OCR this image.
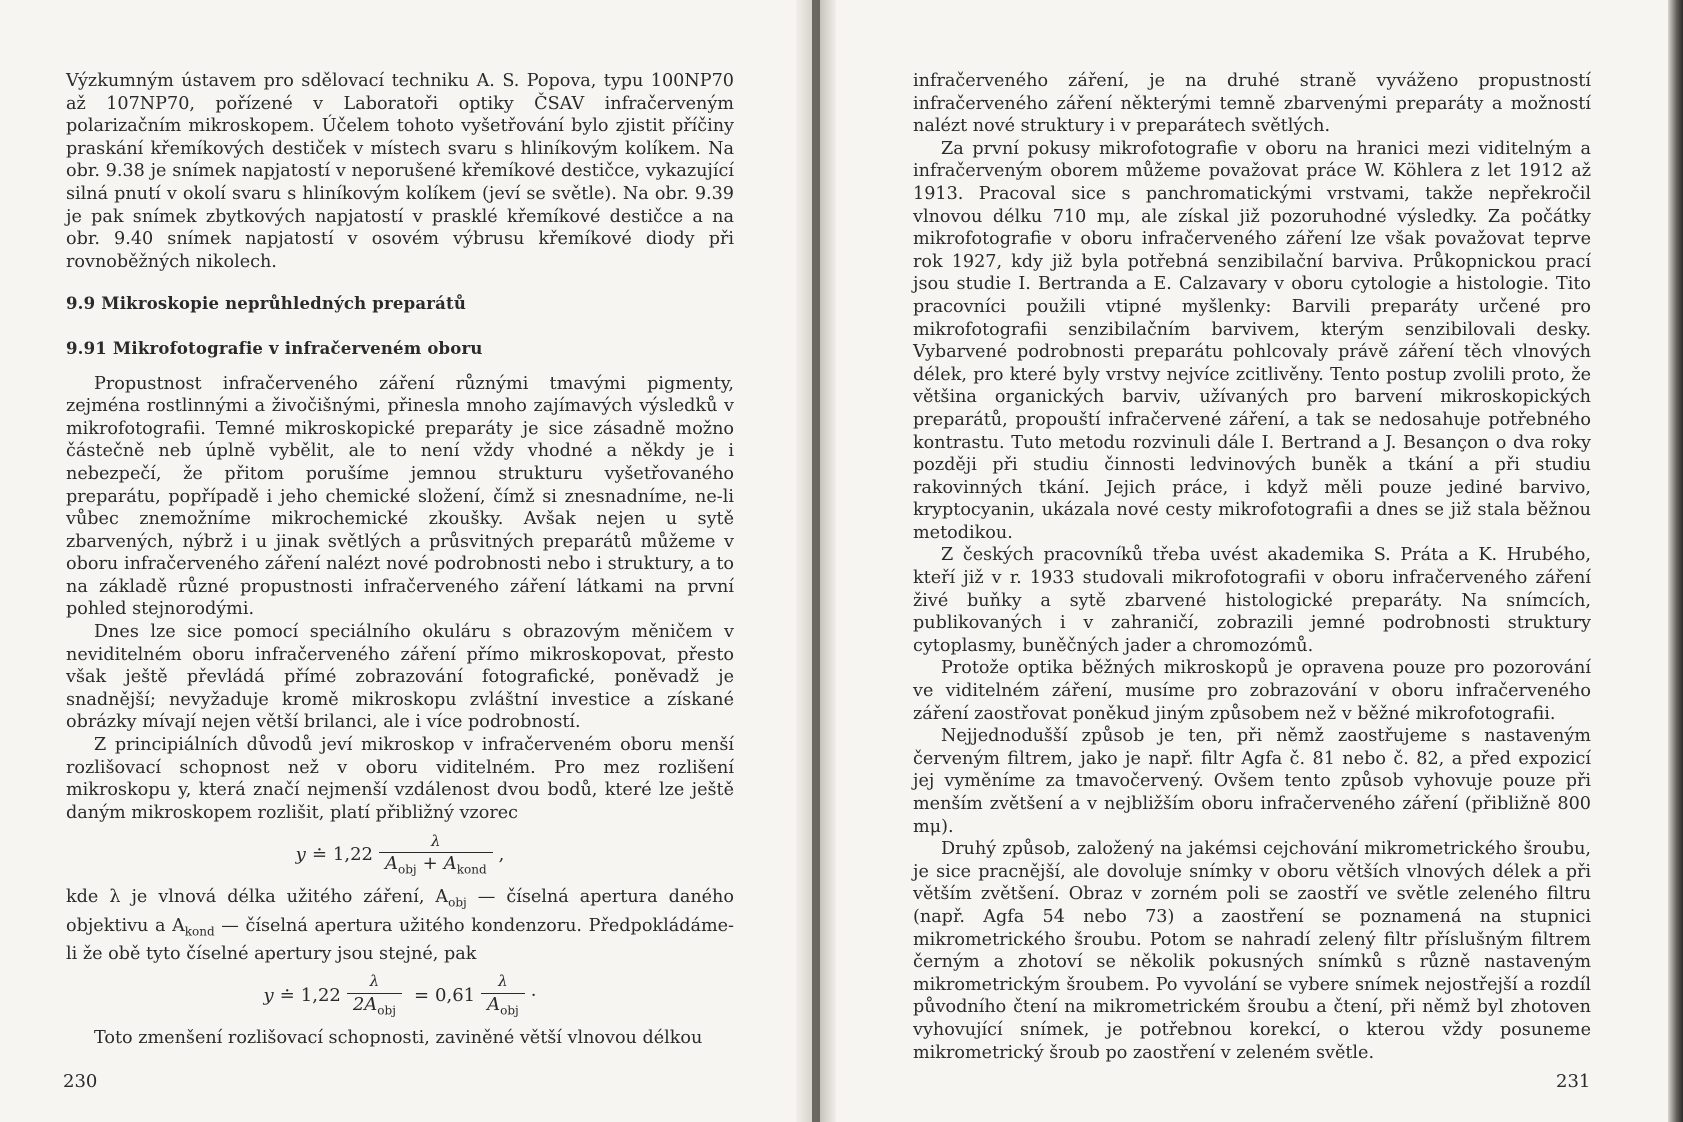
Výzkumným ústavem pro sdělovací techniku A. S. Popova, typu 100NP70 až 107NP70, pořízené v Laboratoři optiky ČSAV infračerveným polarizačním mikroskopem. Účelem tohoto vyšetřování bylo zjistit příčiny praskání křemíkových destiček v místech svaru s hliníkovým kolíkem. Na obr. 9.38 je snímek napjatostí v neporušené křemíkové destičce, vykazující silná pnutí v okolí svaru s hliníkovým kolíkem (jeví se světle). Na obr. 9.39 je pak snímek zbytkových napjatostí v prasklé křemíkové destičce a na obr. 9.40 snímek napjatostí v osovém výbrusu křemíkové diody při rovnoběžných nikolech.

9.9 Mikroskopie neprůhledných preparátů
9.91 Mikrofotografie v infračerveném oboru

Propustnost infračerveného záření různými tmavými pigmenty, zejména rostlinnými a živočišnými, přinesla mnoho zajímavých výsledků v mikrofotografii. Temné mikroskopické preparáty je sice zásadně možno částečně neb úplně vybělit, ale to není vždy vhodné a někdy je i nebezpečí, že přitom porušíme jemnou strukturu vyšetřovaného preparátu, popřípadě i jeho chemické složení, čímž si znesnadníme, ne-li vůbec znemožníme mikrochemické zkoušky. Avšak nejen u sytě zbarvených, nýbrž i u jinak světlých a průsvitných preparátů můžeme v oboru infračerveného záření nalézt nové podrobnosti nebo i struktury, a to na základě různé propustnosti infračerveného záření látkami na první pohled stejnorodými.

Dnes lze sice pomocí speciálního okuláru s obrazovým měničem v neviditelném oboru infračerveného záření přímo mikroskopovat, přesto však ještě převládá přímé zobrazování fotografické, poněvadž je snadnější; nevyžaduje kromě mikroskopu zvláštní investice a získané obrázky mívají nejen větší brilanci, ale i více podrobností.

Z principiálních důvodů jeví mikroskop v infračerveném oboru menší rozlišovací schopnost než v oboru viditelném. Pro mez rozlišení mikroskopu y, která značí nejmenší vzdálenost dvou bodů, které lze ještě daným mikroskopem rozlišit, platí přibližný vzorec

y ≐ $1,22 \frac{\lambda}{A_{obj} + A_{kond}}$ ,

kde λ je vlnová délka užitého záření, $A_{obj}$ — číselná apertura daného objektivu a $A_{kond}$ — číselná apertura užitého kondenzoru. Předpokládáme-li že obě tyto číselné apertury jsou stejné, pak

y ≐ $1,22 \frac{\lambda}{2A_{obj}} = 0,61 \frac{\lambda}{A_{obj}}$ ·

Toto zmenšení rozlišovací schopnosti, zaviněné větší vlnovou délkou

230

infračerveného záření, je na druhé straně vyváženo propustností infračerveného záření některými temně zbarvenými preparáty a možností nalézt nové struktury i v preparátech světlých.

Za první pokusy mikrofotografie v oboru na hranici mezi viditelným a infračerveným oborem můžeme považovat práce W. Köhlera z let 1912 až 1913. Pracoval sice s panchromatickými vrstvami, takže nepřekročil vlnovou délku 710 mμ, ale získal již pozoruhodné výsledky. Za počátky mikrofotografie v oboru infračerveného záření lze však považovat teprve rok 1927, kdy již byla potřebná senzibilační barviva. Průkopnickou prací jsou studie I. Bertranda a E. Calzavary v oboru cytologie a histologie. Tito pracovníci použili vtipné myšlenky: Barvili preparáty určené pro mikrofotografii senzibilačním barvivem, kterým senzibilovali desky. Vybarvené podrobnosti preparátu pohlcovaly právě záření těch vlnových délek, pro které byly vrstvy nejvíce zcitlivěny. Tento postup zvolili proto, že většina organických barviv, užívaných pro barvení mikroskopických preparátů, propouští infračervené záření, a tak se nedosahuje potřebného kontrastu. Tuto metodu rozvinuli dále I. Bertrand a J. Besançon o dva roky později při studiu činnosti ledvinových buněk a tkání a při studiu rakovinných tkání. Jejich práce, i když měli pouze jediné barvivo, kryptocyanin, ukázala nové cesty mikrofotografii a dnes se již stala běžnou metodikou.

Z českých pracovníků třeba uvést akademika S. Práta a K. Hrubého, kteří již v r. 1933 studovali mikrofotografii v oboru infračerveného záření živé buňky a sytě zbarvené histologické preparáty. Na snímcích, publikovaných i v zahraničí, zobrazili jemné podrobnosti struktury cytoplasmy, buněčných jader a chromozómů.

Protože optika běžných mikroskopů je opravena pouze pro pozorování ve viditelném záření, musíme pro zobrazování v oboru infračerveného záření zaostřovat poněkud jiným způsobem než v běžné mikrofotografii.

Nejjednodušší způsob je ten, při němž zaostřujeme s nastaveným červeným filtrem, jako je např. filtr Agfa č. 81 nebo č. 82, a před expozicí jej vyměníme za tmavočervený. Ovšem tento způsob vyhovuje pouze při menším zvětšení a v nejbližším oboru infračerveného záření (přibližně 800 mμ).

Druhý způsob, založený na jakémsi cejchování mikrometrického šroubu, je sice pracnější, ale dovoluje snímky v oboru větších vlnových délek a při větším zvětšení. Obraz v zorném poli se zaostří ve světle zeleného filtru (např. Agfa 54 nebo 73) a zaostření se poznamená na stupnici mikrometrického šroubu. Potom se nahradí zelený filtr příslušným filtrem černým a zhotoví se několik pokusných snímků s různě nastaveným mikrometrickým šroubem. Po vyvolání se vybere snímek nejostřejší a rozdíl původního čtení na mikrometrickém šroubu a čtení, při němž byl zhotoven vyhovující snímek, je potřebnou korekcí, o kterou vždy posuneme mikrometrický šroub po zaostření v zeleném světle.

231
